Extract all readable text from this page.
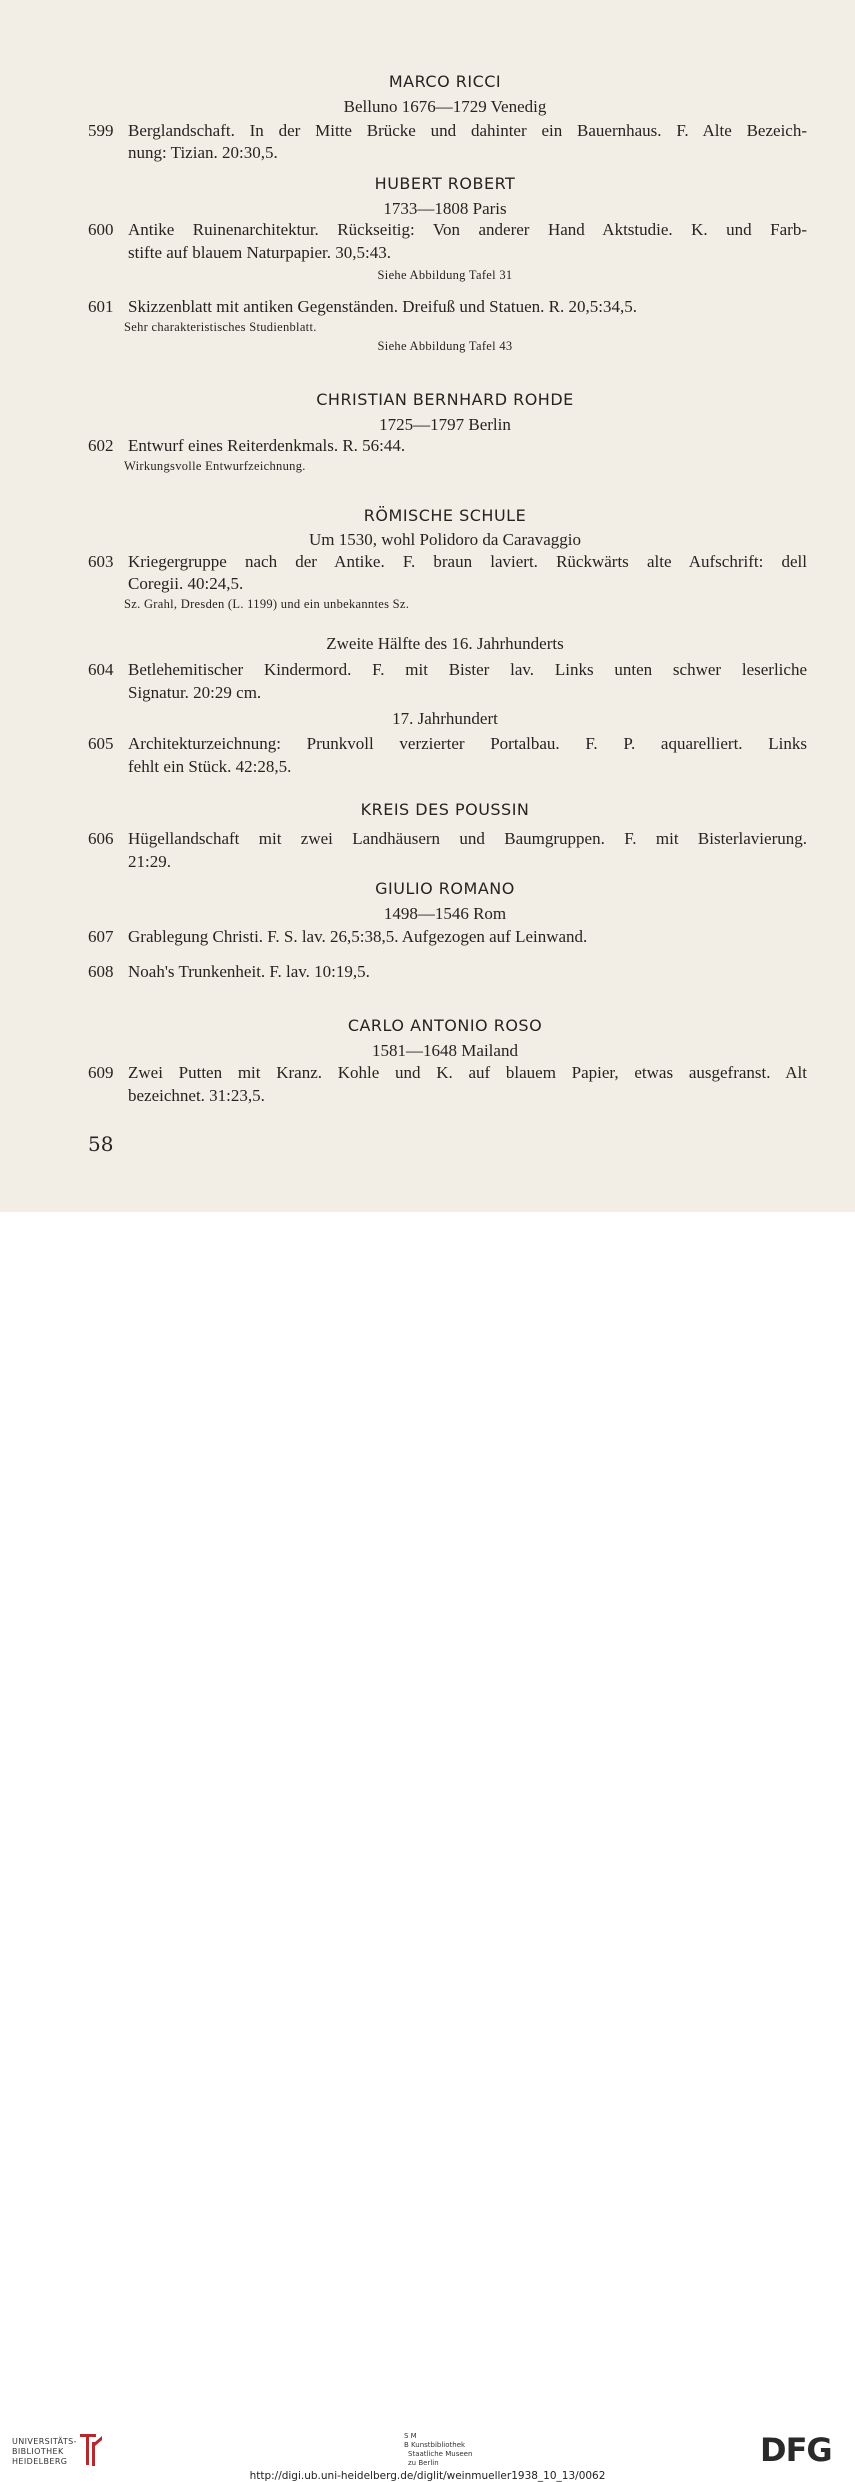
MARCO RICCI
Belluno 1676—1729 Venedig
599 Berglandschaft. In der Mitte Brücke und dahinter ein Bauernhaus. F. Alte Bezeich-
nung: Tizian. 20:30,5.
HUBERT ROBERT
1733—1808 Paris
600 Antike Ruinenarchitektur. Rückseitig: Von anderer Hand Aktstudie. K. und Farb-
stifte auf blauem Naturpapier. 30,5:43.
Siehe Abbildung Tafel 31
601 Skizzenblatt mit antiken Gegenständen. Dreifuß und Statuen. R. 20,5:34,5.
Sehr charakteristisches Studienblatt.
Siehe Abbildung Tafel 43
CHRISTIAN BERNHARD ROHDE
1725—1797 Berlin
602 Entwurf eines Reiterdenkmals. R. 56:44.
Wirkungsvolle Entwurfzeichnung.
RÖMISCHE SCHULE
Um 1530, wohl Polidoro da Caravaggio
603 Kriegergruppe nach der Antike. F. braun laviert. Rückwärts alte Aufschrift: dell
Coregii. 40:24,5.
Sz. Grahl, Dresden (L. 1199) und ein unbekanntes Sz.
Zweite Hälfte des 16. Jahrhunderts
604 Betlehemitischer Kindermord. F. mit Bister lav. Links unten schwer leserliche
Signatur. 20:29 cm.
17. Jahrhundert
605 Architekturzeichnung: Prunkvoll verzierter Portalbau. F. P. aquarelliert. Links
fehlt ein Stück. 42:28,5.
KREIS DES POUSSIN
606 Hügellandschaft mit zwei Landhäusern und Baumgruppen. F. mit Bisterlavierung.
21:29.
GIULIO ROMANO
1498—1546 Rom
607 Grablegung Christi. F. S. lav. 26,5:38,5. Aufgezogen auf Leinwand.
608 Noah's Trunkenheit. F. lav. 10:19,5.
CARLO ANTONIO ROSO
1581—1648 Mailand
609 Zwei Putten mit Kranz. Kohle und K. auf blauem Papier, etwas ausgefranst. Alt
bezeichnet. 31:23,5.
58
UNIVERSITÄTS-
BIBLIOTHEK
HEIDELBERG
S M
B Kunstbibliothek
Staatliche Museen
zu Berlin	DFG
http://digi.ub.uni-heidelberg.de/diglit/weinmueller1938_10_13/0062
